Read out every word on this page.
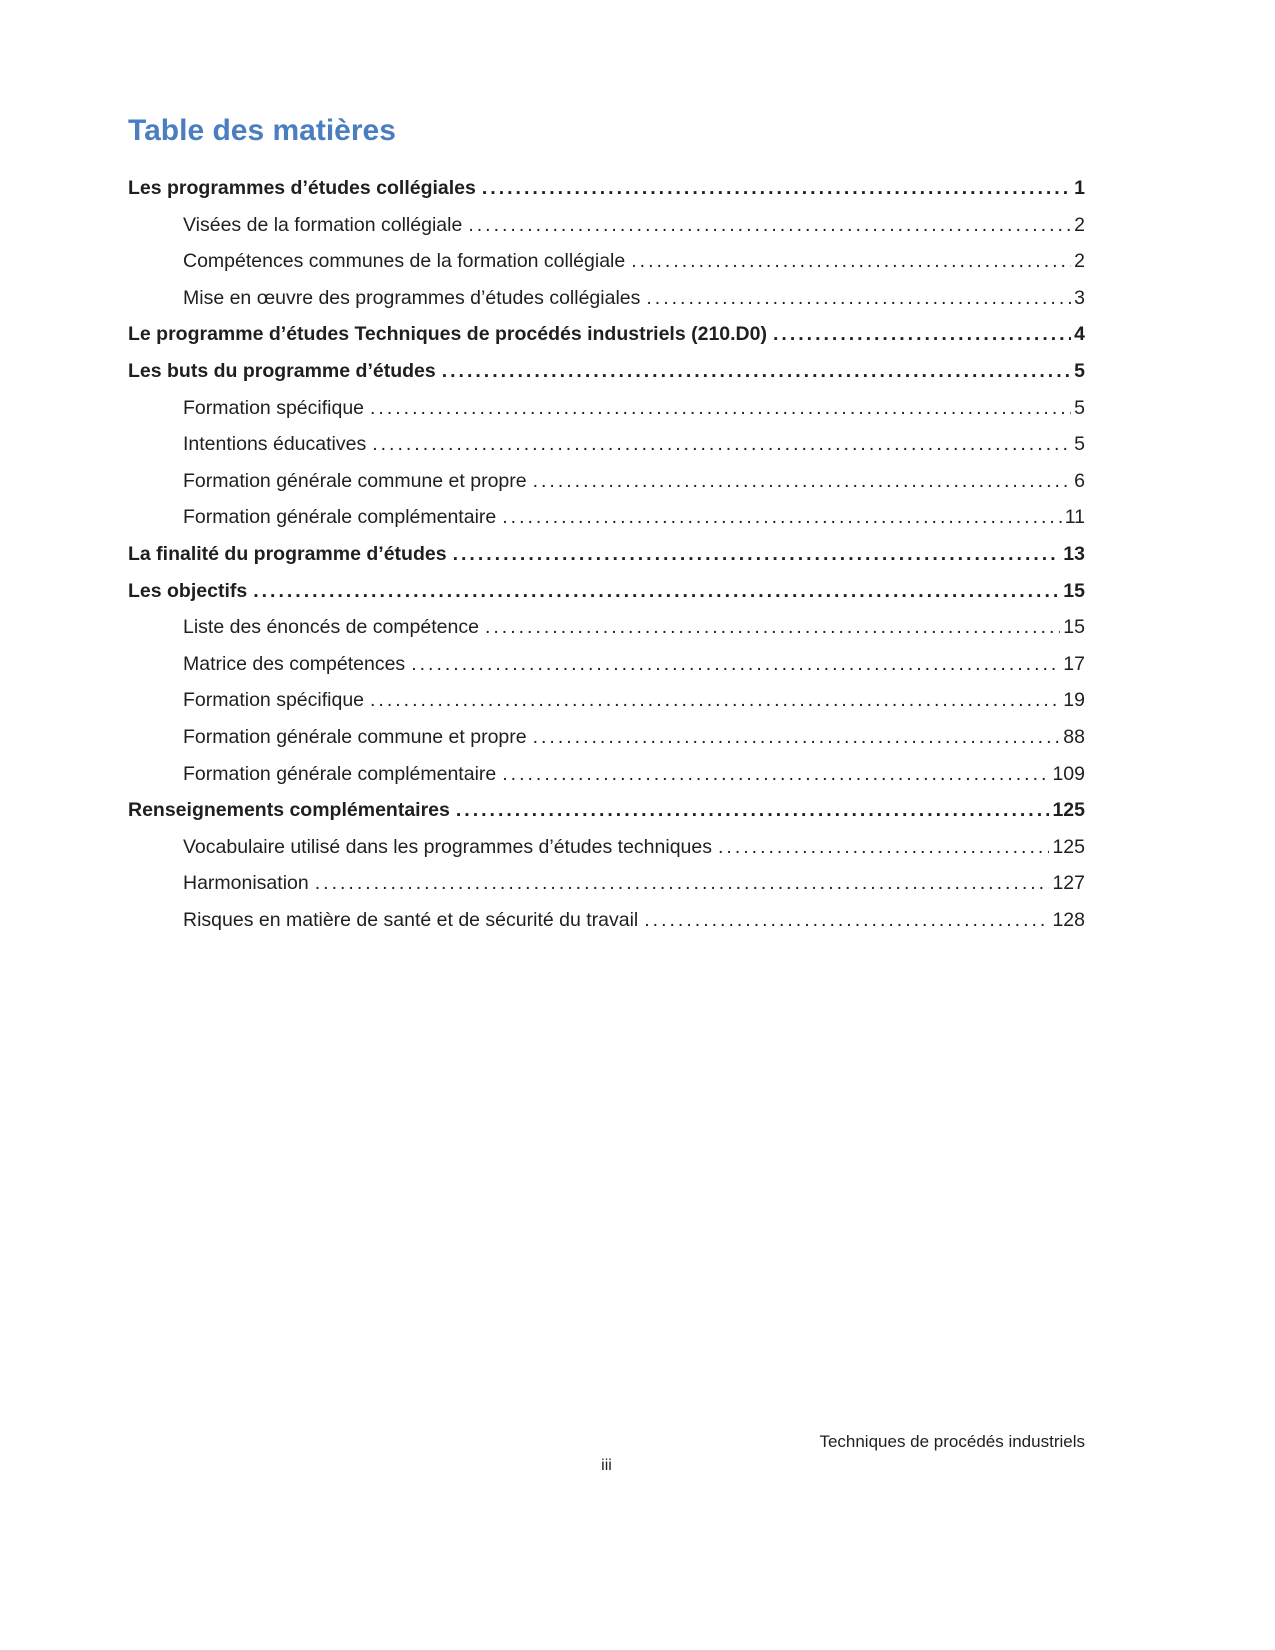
Table des matières
Les programmes d’études collégiales .....	1
Visées de la formation collégiale .....	2
Compétences communes de la formation collégiale .....	2
Mise en œuvre des programmes d’études collégiales .....	3
Le programme d’études Techniques de procédés industriels (210.D0) .....	4
Les buts du programme d’études .....	5
Formation spécifique .....	5
Intentions éducatives .....	5
Formation générale commune et propre .....	6
Formation générale complémentaire .....	11
La finalité du programme d’études .....	13
Les objectifs .....	15
Liste des énoncés de compétence .....	15
Matrice des compétences .....	17
Formation spécifique .....	19
Formation générale commune et propre .....	88
Formation générale complémentaire .....	109
Renseignements complémentaires .....	125
Vocabulaire utilisé dans les programmes d’études techniques .....	125
Harmonisation .....	127
Risques en matière de santé et de sécurité du travail .....	128
Techniques de procédés industriels
iii
